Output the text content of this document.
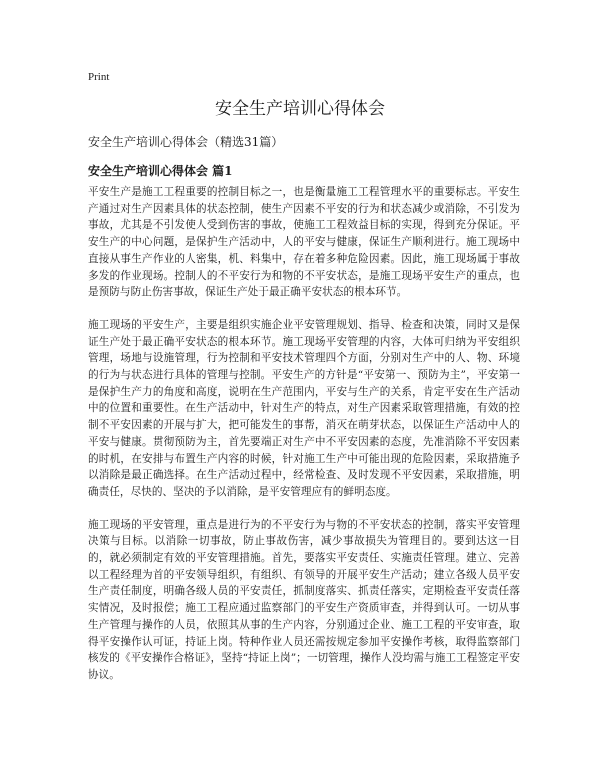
Print
安全生产培训心得体会

安全生产培训心得体会（精选31篇）

安全生产培训心得体会 篇1

平安生产是施工工程重要的控制目标之一，也是衡量施工工程管理水平的重要标志。平安生产通过对生产因素具体的状态控制，使生产因素不平安的行为和状态减少或消除，不引发为事故，尤其是不引发使人受到伤害的事故，使施工工程效益目标的实现，得到充分保证。平安生产的中心问题，是保护生产活动中，人的平安与健康，保证生产顺利进行。施工现场中直接从事生产作业的人密集，机、料集中，存在着多种危险因素。因此，施工现场属于事故多发的作业现场。控制人的不平安行为和物的不平安状态，是施工现场平安生产的重点，也是预防与防止伤害事故，保证生产处于最正确平安状态的根本环节。

施工现场的平安生产，主要是组织实施企业平安管理规划、指导、检查和决策，同时又是保证生产处于最正确平安状态的根本环节。施工现场平安管理的内容，大体可归纳为平安组织管理，场地与设施管理，行为控制和平安技术管理四个方面，分别对生产中的人、物、环境的行为与状态进行具体的管理与控制。平安生产的方针是“平安第一、预防为主”，平安第一是保护生产力的角度和高度，说明在生产范围内，平安与生产的关系，肯定平安在生产活动中的位置和重要性。在生产活动中，针对生产的特点，对生产因素采取管理措施，有效的控制不平安因素的开展与扩大，把可能发生的事帮，消灭在萌芽状态，以保证生产活动中人的平安与健康。贯彻预防为主，首先要端正对生产中不平安因素的态度，先准消除不平安因素的时机，在安排与布置生产内容的时候，针对施工生产中可能出现的危险因素，采取措施予以消除是最正确选择。在生产活动过程中，经常检查、及时发现不平安因素，采取措施，明确责任，尽快的、坚决的予以消除，是平安管理应有的鲜明态度。

施工现场的平安管理，重点是进行为的不平安行为与物的不平安状态的控制，落实平安管理决策与目标。以消除一切事故，防止事故伤害，减少事故损失为管理目的。要到达这一目的，就必须制定有效的平安管理措施。首先，要落实平安责任、实施责任管理。建立、完善以工程经理为首的平安领导组织，有组织、有领导的开展平安生产活动；建立各级人员平安生产责任制度，明确各级人员的平安责任，抓制度落实、抓责任落实，定期检查平安责任落实情况，及时报偿；施工工程应通过监察部门的平安生产资质审查，并得到认可。一切从事生产管理与操作的人员，依照其从事的生产内容，分别通过企业、施工工程的平安审查，取得平安操作认可证，持证上岗。特种作业人员还需按规定参加平安操作考核，取得监察部门核发的《平安操作合格证》，坚持“持证上岗”；一切管理，操作人没均需与施工工程签定平安协议。
